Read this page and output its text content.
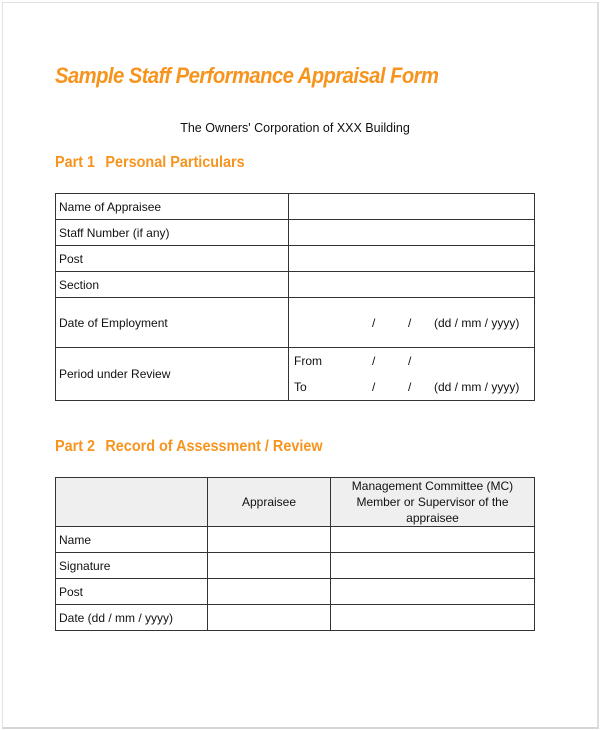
Sample Staff Performance Appraisal Form
The Owners' Corporation of XXX Building
Part 1 Personal Particulars
Name of Appraisee	
Staff Number (if any)	
Post	
Section	
Date of Employment	/ / (dd / mm / yyyy)

Period under Review	
From	/	/
To	/	/ (dd / mm / yyyy)
Part 2 Record of Assessment / Review
	Appraisee	Management Committee (MC) Member or Supervisor of the appraisee
Name		
Signature		
Post		
Date (dd / mm / yyyy)		
